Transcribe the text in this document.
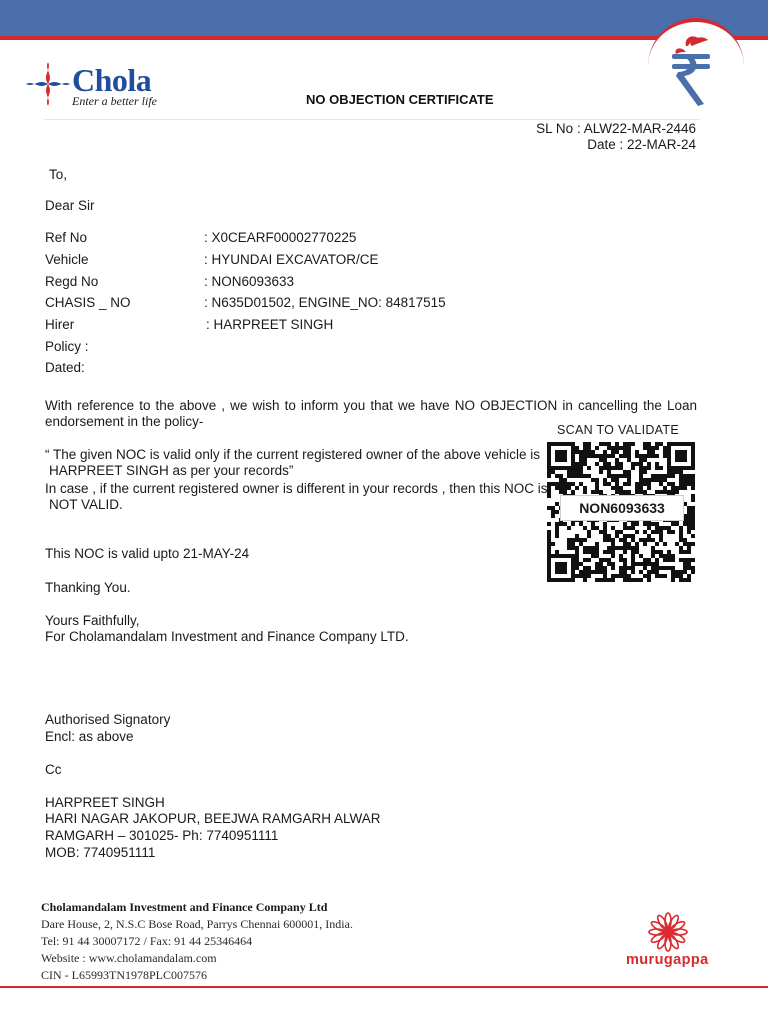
Chola
Enter a better life	NO OBJECTION CERTIFICATE
SL No : ALW22-MAR-2446
Date : 22-MAR-24
To,
Dear Sir
Ref No	: X0CEARF00002770225
Vehicle	: HYUNDAI EXCAVATOR/CE
Regd No	: NON6093633
CHASIS _ NO	: N635D01502, ENGINE_NO: 84817515
Hirer	: HARPREET SINGH
Policy :
Dated:
With reference to the above , we wish to inform you that we have NO OBJECTION in cancelling the Loan endorsement in the policy-
“ The given NOC is valid only if the current registered owner of the above vehicle is
HARPREET SINGH as per your records”
In case , if the current registered owner is different in your records , then this NOC is
NOT VALID.
This NOC is valid upto 21-MAY-24
Thanking You.
Yours Faithfully,
For Cholamandalam Investment and Finance Company LTD.
Authorised Signatory
Encl: as above
Cc
HARPREET SINGH
HARI NAGAR JAKOPUR, BEEJWA RAMGARH ALWAR
RAMGARH – 301025- Ph: 7740951111
MOB: 7740951111
SCAN TO VALIDATE
NON6093633
Cholamandalam Investment and Finance Company Ltd
Dare House, 2, N.S.C Bose Road, Parrys Chennai 600001, India.
Tel: 91 44 30007172 / Fax: 91 44 25346464
Website : www.cholamandalam.com
CIN - L65993TN1978PLC007576
murugappa
